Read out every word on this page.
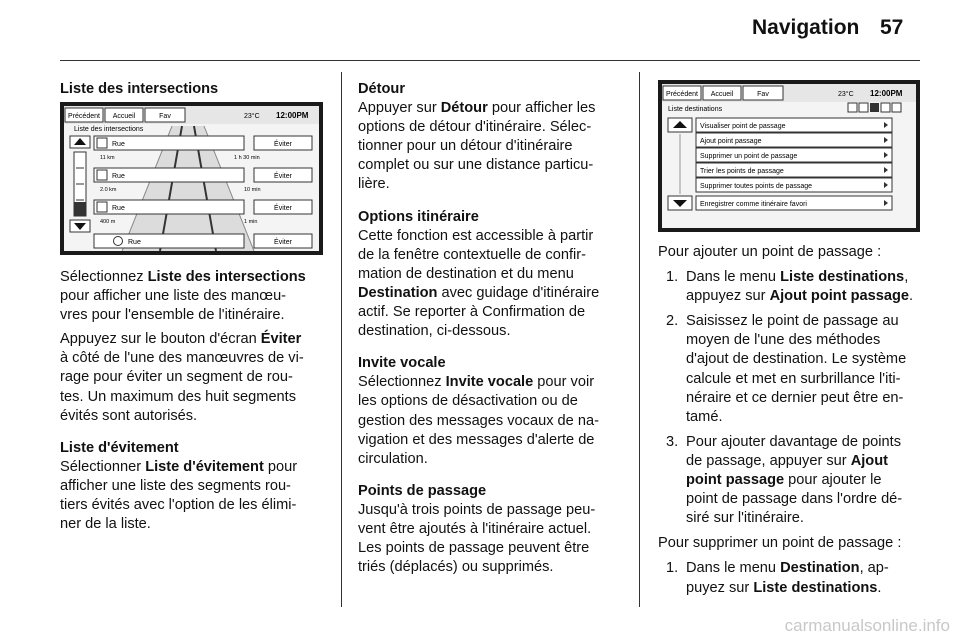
Navigation 57

Liste des intersections

Précédent Accueil	Fav	23°C 12:00PM
Liste des intersections
Rue	Éviter
11 km	1 h 30 min
Rue	Éviter
2.0 km	10 min
Rue	Éviter
400 m	1 min
Rue	Éviter

Sélectionnez Liste des intersections
pour afficher une liste des manœu-
vres pour l'ensemble de l'itinéraire.

Appuyez sur le bouton d'écran Éviter
à côté de l'une des manœuvres de vi-
rage pour éviter un segment de rou-
tes. Un maximum des huit segments
évités sont autorisés.

Liste d'évitement

Sélectionner Liste d'évitement pour
afficher une liste des segments rou-
tiers évités avec l'option de les élimi-
ner de la liste.

Détour

Appuyer sur Détour pour afficher les
options de détour d'itinéraire. Sélec-
tionner pour un détour d'itinéraire
complet ou sur une distance particu-
lière.

Options itinéraire

Cette fonction est accessible à partir
de la fenêtre contextuelle de confir-
mation de destination et du menu
Destination avec guidage d'itinéraire
actif. Se reporter à Confirmation de
destination, ci-dessous.

Invite vocale

Sélectionnez Invite vocale pour voir
les options de désactivation ou de
gestion des messages vocaux de na-
vigation et des messages d'alerte de
circulation.

Points de passage

Jusqu'à trois points de passage peu-
vent être ajoutés à l'itinéraire actuel.
Les points de passage peuvent être
triés (déplacés) ou supprimés.

Précédent Accueil	Fav	23°C 12:00PM
Liste destinations
Visualiser point de passage
Ajout point passage
Supprimer un point de passage
Trier les points de passage
Supprimer toutes points de passage
Enregistrer comme itinéraire favori

Pour ajouter un point de passage :

1. Dans le menu Liste destinations,
appuyez sur Ajout point passage.
2. Saisissez le point de passage au
moyen de l'une des méthodes
d'ajout de destination. Le système
calcule et met en surbrillance l'iti-
néraire et ce dernier peut être en-
tamé.
3. Pour ajouter davantage de points
de passage, appuyer sur Ajout
point passage pour ajouter le
point de passage dans l'ordre dé-
siré sur l'itinéraire.

Pour supprimer un point de passage :

1. Dans le menu Destination, ap-
puyez sur Liste destinations.
carmanualsonline.info
